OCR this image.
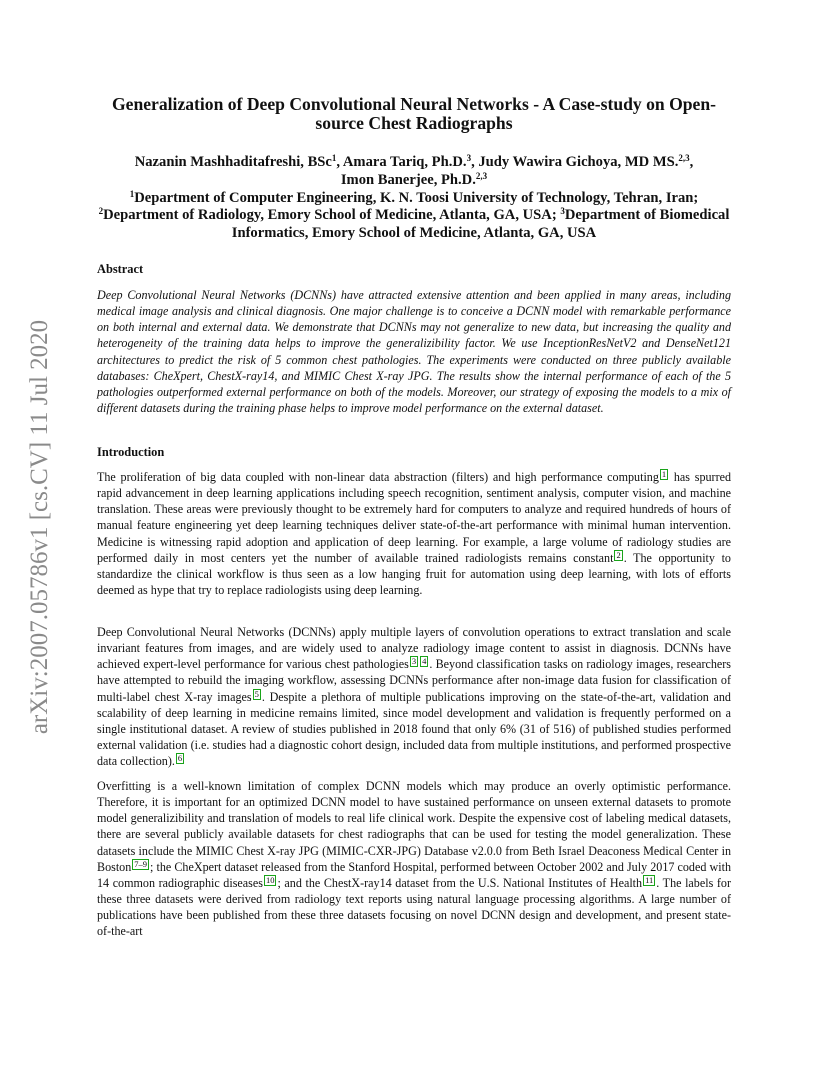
arXiv:2007.05786v1 [cs.CV] 11 Jul 2020
Generalization of Deep Convolutional Neural Networks - A Case-study on Open-source Chest Radiographs
Nazanin Mashhaditafreshi, BSc$^1$, Amara Tariq, Ph.D.$^3$, Judy Wawira Gichoya, MD MS.$^{2,3}$,
Imon Banerjee, Ph.D.$^{2,3}$
$^1$Department of Computer Engineering, K. N. Toosi University of Technology, Tehran, Iran;
$^2$Department of Radiology, Emory School of Medicine, Atlanta, GA, USA; $^3$Department of Biomedical Informatics, Emory School of Medicine, Atlanta, GA, USA
Abstract
Deep Convolutional Neural Networks (DCNNs) have attracted extensive attention and been applied in many areas, including medical image analysis and clinical diagnosis. One major challenge is to conceive a DCNN model with remarkable performance on both internal and external data. We demonstrate that DCNNs may not generalize to new data, but increasing the quality and heterogeneity of the training data helps to improve the generalizibility factor. We use InceptionResNetV2 and DenseNet121 architectures to predict the risk of 5 common chest pathologies. The experiments were conducted on three publicly available databases: CheXpert, ChestX-ray14, and MIMIC Chest X-ray JPG. The results show the internal performance of each of the 5 pathologies outperformed external performance on both of the models. Moreover, our strategy of exposing the models to a mix of different datasets during the training phase helps to improve model performance on the external dataset.
Introduction
The proliferation of big data coupled with non-linear data abstraction (filters) and high performance computing 1 has spurred rapid advancement in deep learning applications including speech recognition, sentiment analysis, computer vision, and machine translation. These areas were previously thought to be extremely hard for computers to analyze and required hundreds of hours of manual feature engineering yet deep learning techniques deliver state-of-the-art performance with minimal human intervention. Medicine is witnessing rapid adoption and application of deep learning. For example, a large volume of radiology studies are performed daily in most centers yet the number of available trained radiologists remains constant 2 . The opportunity to standardize the clinical workflow is thus seen as a low hanging fruit for automation using deep learning, with lots of efforts deemed as hype that try to replace radiologists using deep learning.
Deep Convolutional Neural Networks (DCNNs) apply multiple layers of convolution operations to extract translation and scale invariant features from images, and are widely used to analyze radiology image content to assist in diagnosis. DCNNs have achieved expert-level performance for various chest pathologies 3 4 . Beyond classification tasks on radiology images, researchers have attempted to rebuild the imaging workflow, assessing DCNNs performance after non-image data fusion for classification of multi-label chest X-ray images 5 . Despite a plethora of multiple publications improving on the state-of-the-art, validation and scalability of deep learning in medicine remains limited, since model development and validation is frequently performed on a single institutional dataset. A review of studies published in 2018 found that only 6% (31 of 516) of published studies performed external validation (i.e. studies had a diagnostic cohort design, included data from multiple institutions, and performed prospective data collection). 6
Overfitting is a well-known limitation of complex DCNN models which may produce an overly optimistic performance. Therefore, it is important for an optimized DCNN model to have sustained performance on unseen external datasets to promote model generalizibility and translation of models to real life clinical work. Despite the expensive cost of labeling medical datasets, there are several publicly available datasets for chest radiographs that can be used for testing the model generalization. These datasets include the MIMIC Chest X-ray JPG (MIMIC-CXR-JPG) Database v2.0.0 from Beth Israel Deaconess Medical Center in Boston 7–9 ; the CheXpert dataset released from the Stanford Hospital, performed between October 2002 and July 2017 coded with 14 common radiographic diseases 10 ; and the ChestX-ray14 dataset from the U.S. National Institutes of Health 11 . The labels for these three datasets were derived from radiology text reports using natural language processing algorithms. A large number of publications have been published from these three datasets focusing on novel DCNN design and development, and present state-of-the-art
